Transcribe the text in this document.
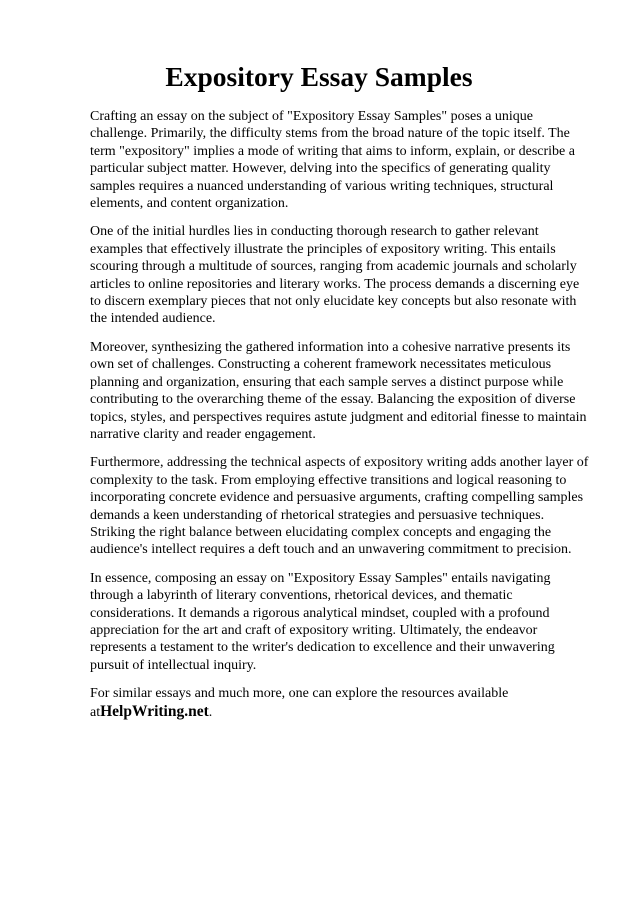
Expository Essay Samples

Crafting an essay on the subject of "Expository Essay Samples" poses a unique challenge. Primarily, the difficulty stems from the broad nature of the topic itself. The term "expository" implies a mode of writing that aims to inform, explain, or describe a particular subject matter. However, delving into the specifics of generating quality samples requires a nuanced understanding of various writing techniques, structural elements, and content organization.

One of the initial hurdles lies in conducting thorough research to gather relevant examples that effectively illustrate the principles of expository writing. This entails scouring through a multitude of sources, ranging from academic journals and scholarly articles to online repositories and literary works. The process demands a discerning eye to discern exemplary pieces that not only elucidate key concepts but also resonate with the intended audience.

Moreover, synthesizing the gathered information into a cohesive narrative presents its own set of challenges. Constructing a coherent framework necessitates meticulous planning and organization, ensuring that each sample serves a distinct purpose while contributing to the overarching theme of the essay. Balancing the exposition of diverse topics, styles, and perspectives requires astute judgment and editorial finesse to maintain narrative clarity and reader engagement.

Furthermore, addressing the technical aspects of expository writing adds another layer of complexity to the task. From employing effective transitions and logical reasoning to incorporating concrete evidence and persuasive arguments, crafting compelling samples demands a keen understanding of rhetorical strategies and persuasive techniques. Striking the right balance between elucidating complex concepts and engaging the audience's intellect requires a deft touch and an unwavering commitment to precision.

In essence, composing an essay on "Expository Essay Samples" entails navigating through a labyrinth of literary conventions, rhetorical devices, and thematic considerations. It demands a rigorous analytical mindset, coupled with a profound appreciation for the art and craft of expository writing. Ultimately, the endeavor represents a testament to the writer's dedication to excellence and their unwavering pursuit of intellectual inquiry.

For similar essays and much more, one can explore the resources available atHelpWriting.net.
